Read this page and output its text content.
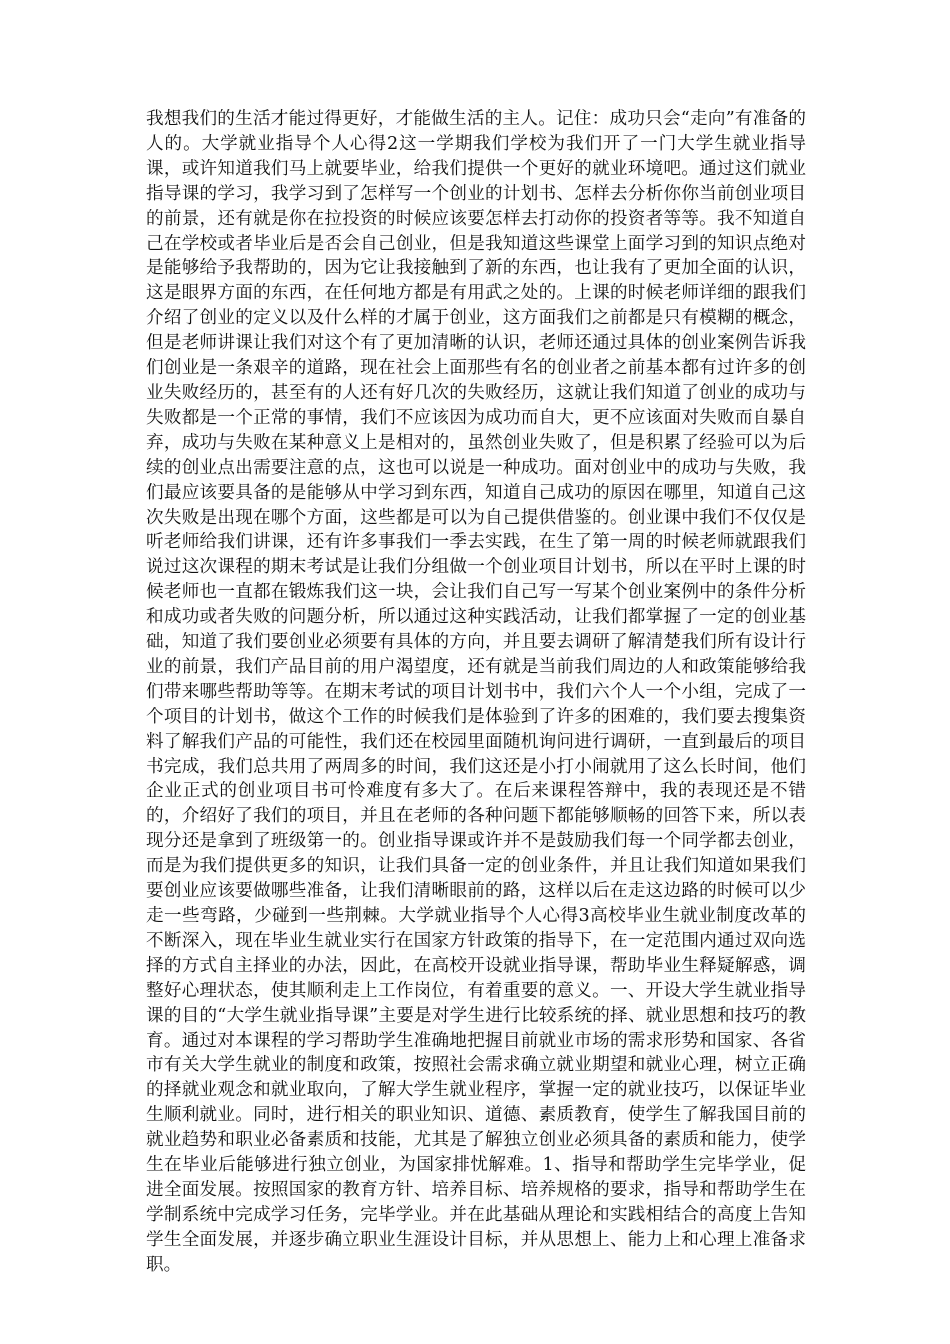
我想我们的生活才能过得更好，才能做生活的主人。记住：成功只会“走向”有准备的人的。大学就业指导个人心得2这一学期我们学校为我们开了一门大学生就业指导课，或许知道我们马上就要毕业，给我们提供一个更好的就业环境吧。通过这们就业指导课的学习，我学习到了怎样写一个创业的计划书、怎样去分析你你当前创业项目的前景，还有就是你在拉投资的时候应该要怎样去打动你的投资者等等。我不知道自己在学校或者毕业后是否会自己创业，但是我知道这些课堂上面学习到的知识点绝对是能够给予我帮助的，因为它让我接触到了新的东西，也让我有了更加全面的认识，这是眼界方面的东西，在任何地方都是有用武之处的。上课的时候老师详细的跟我们介绍了创业的定义以及什么样的才属于创业，这方面我们之前都是只有模糊的概念，但是老师讲课让我们对这个有了更加清晰的认识，老师还通过具体的创业案例告诉我们创业是一条艰辛的道路，现在社会上面那些有名的创业者之前基本都有过许多的创业失败经历的，甚至有的人还有好几次的失败经历，这就让我们知道了创业的成功与失败都是一个正常的事情，我们不应该因为成功而自大，更不应该面对失败而自暴自弃，成功与失败在某种意义上是相对的，虽然创业失败了，但是积累了经验可以为后续的创业点出需要注意的点，这也可以说是一种成功。面对创业中的成功与失败，我们最应该要具备的是能够从中学习到东西，知道自己成功的原因在哪里，知道自己这次失败是出现在哪个方面，这些都是可以为自己提供借鉴的。创业课中我们不仅仅是听老师给我们讲课，还有许多事我们一季去实践，在生了第一周的时候老师就跟我们说过这次课程的期末考试是让我们分组做一个创业项目计划书，所以在平时上课的时候老师也一直都在锻炼我们这一块，会让我们自己写一写某个创业案例中的条件分析和成功或者失败的问题分析，所以通过这种实践活动，让我们都掌握了一定的创业基础，知道了我们要创业必须要有具体的方向，并且要去调研了解清楚我们所有设计行业的前景，我们产品目前的用户渴望度，还有就是当前我们周边的人和政策能够给我们带来哪些帮助等等。在期末考试的项目计划书中，我们六个人一个小组，完成了一个项目的计划书，做这个工作的时候我们是体验到了许多的困难的，我们要去搜集资料了解我们产品的可能性，我们还在校园里面随机询问进行调研，一直到最后的项目书完成，我们总共用了两周多的时间，我们这还是小打小闹就用了这么长时间，他们企业正式的创业项目书可怜难度有多大了。在后来课程答辩中，我的表现还是不错的，介绍好了我们的项目，并且在老师的各种问题下都能够顺畅的回答下来，所以表现分还是拿到了班级第一的。创业指导课或许并不是鼓励我们每一个同学都去创业，而是为我们提供更多的知识，让我们具备一定的创业条件，并且让我们知道如果我们要创业应该要做哪些准备，让我们清晰眼前的路，这样以后在走这边路的时候可以少走一些弯路，少碰到一些荆棘。大学就业指导个人心得3高校毕业生就业制度改革的不断深入，现在毕业生就业实行在国家方针政策的指导下，在一定范围内通过双向选择的方式自主择业的办法，因此，在高校开设就业指导课，帮助毕业生释疑解惑，调整好心理状态，使其顺利走上工作岗位，有着重要的意义。一、开设大学生就业指导课的目的“大学生就业指导课”主要是对学生进行比较系统的择、就业思想和技巧的教育。通过对本课程的学习帮助学生准确地把握目前就业市场的需求形势和国家、各省市有关大学生就业的制度和政策，按照社会需求确立就业期望和就业心理，树立正确的择就业观念和就业取向，了解大学生就业程序，掌握一定的就业技巧，以保证毕业生顺利就业。同时，进行相关的职业知识、道德、素质教育，使学生了解我国目前的就业趋势和职业必备素质和技能，尤其是了解独立创业必须具备的素质和能力，使学生在毕业后能够进行独立创业，为国家排忧解难。1、指导和帮助学生完毕学业，促进全面发展。按照国家的教育方针、培养目标、培养规格的要求，指导和帮助学生在学制系统中完成学习任务，完毕学业。并在此基础从理论和实践相结合的高度上告知学生全面发展，并逐步确立职业生涯设计目标，并从思想上、能力上和心理上准备求职。
